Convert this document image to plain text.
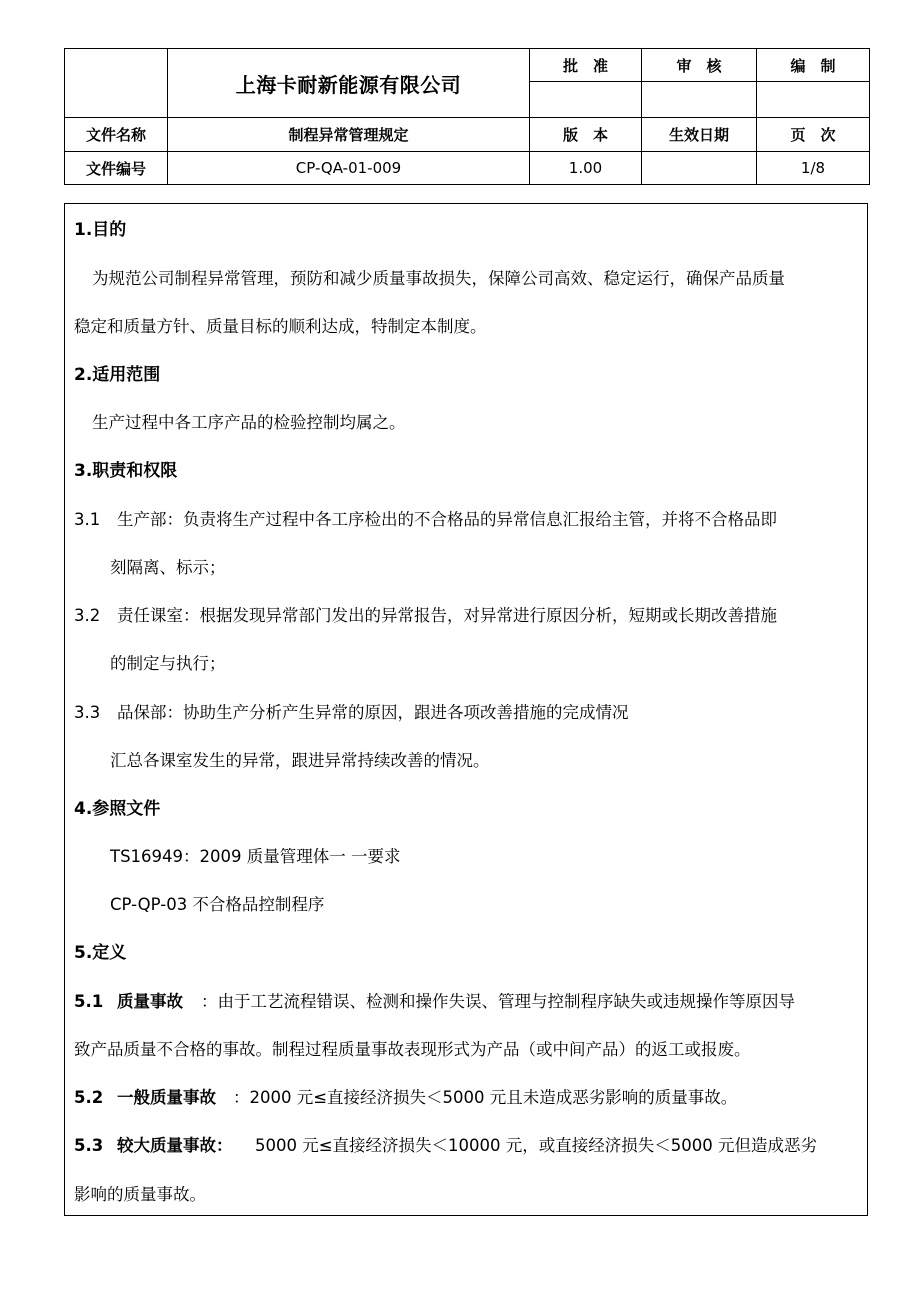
	上海卡耐新能源有限公司	批　准	审　核	编　制

文件名称	制程异常管理规定	版　本	生效日期	页　次
文件编号	CP-QA-01-009	1.00		1/8
1.目的
为规范公司制程异常管理，预防和减少质量事故损失，保障公司高效、稳定运行，确保产品质量
稳定和质量方针、质量目标的顺利达成，特制定本制度。
2.适用范围
生产过程中各工序产品的检验控制均属之。
3.职责和权限
3.1 生产部：负责将生产过程中各工序检出的不合格品的异常信息汇报给主管，并将不合格品即
刻隔离、标示；
3.2 责任课室：根据发现异常部门发出的异常报告，对异常进行原因分析，短期或长期改善措施
的制定与执行；
3.3 品保部：协助生产分析产生异常的原因，跟进各项改善措施的完成情况
汇总各课室发生的异常，跟进异常持续改善的情况。
4.参照文件
TS16949：2009 质量管理体一 一要求
CP-QP-03 不合格品控制程序
5.定义
5.1 质量事故 ：由于工艺流程错误、检测和操作失误、管理与控制程序缺失或违规操作等原因导
致产品质量不合格的事故。制程过程质量事故表现形式为产品（或中间产品）的返工或报废。
5.2 一般质量事故 ：2000 元≤直接经济损失＜5000 元且未造成恶劣影响的质量事故。
5.3 较大质量事故： 5000 元≤直接经济损失＜10000 元，或直接经济损失＜5000 元但造成恶劣
影响的质量事故。
